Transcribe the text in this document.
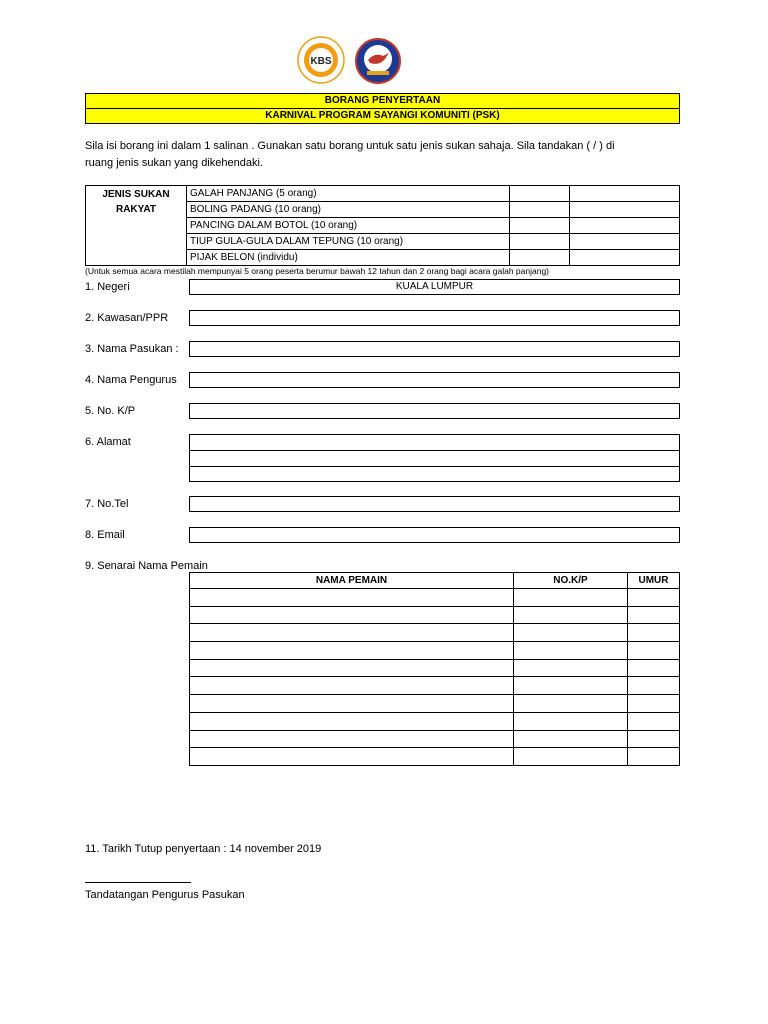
KBS
BORANG PENYERTAAN
KARNIVAL PROGRAM SAYANGI KOMUNITI (PSK)
Sila isi borang ini dalam 1 salinan . Gunakan satu borang untuk satu jenis sukan sahaja. Sila tandakan ( / ) di ruang jenis sukan yang dikehendaki.
JENIS SUKAN RAKYAT	GALAH PANJANG (5 orang)		
	BOLING PADANG (10 orang)		
	PANCING DALAM BOTOL (10 orang)		
	TIUP GULA-GULA DALAM TEPUNG (10 orang)		
	PIJAK BELON (individu)		
(Untuk semua acara mestilah mempunyai 5 orang peserta berumur bawah 12 tahun dan 2 orang bagi acara galah panjang)
1. Negeri	KUALA LUMPUR
2. Kawasan/PPR
3. Nama Pasukan :
4. Nama Pengurus
5. No. K/P
6. Alamat
7. No.Tel
8. Email
9. Senarai Nama Pemain
NAMA PEMAIN	NO.K/P	UMUR

11. Tarikh Tutup penyertaan : 14 november 2019
Tandatangan Pengurus Pasukan
